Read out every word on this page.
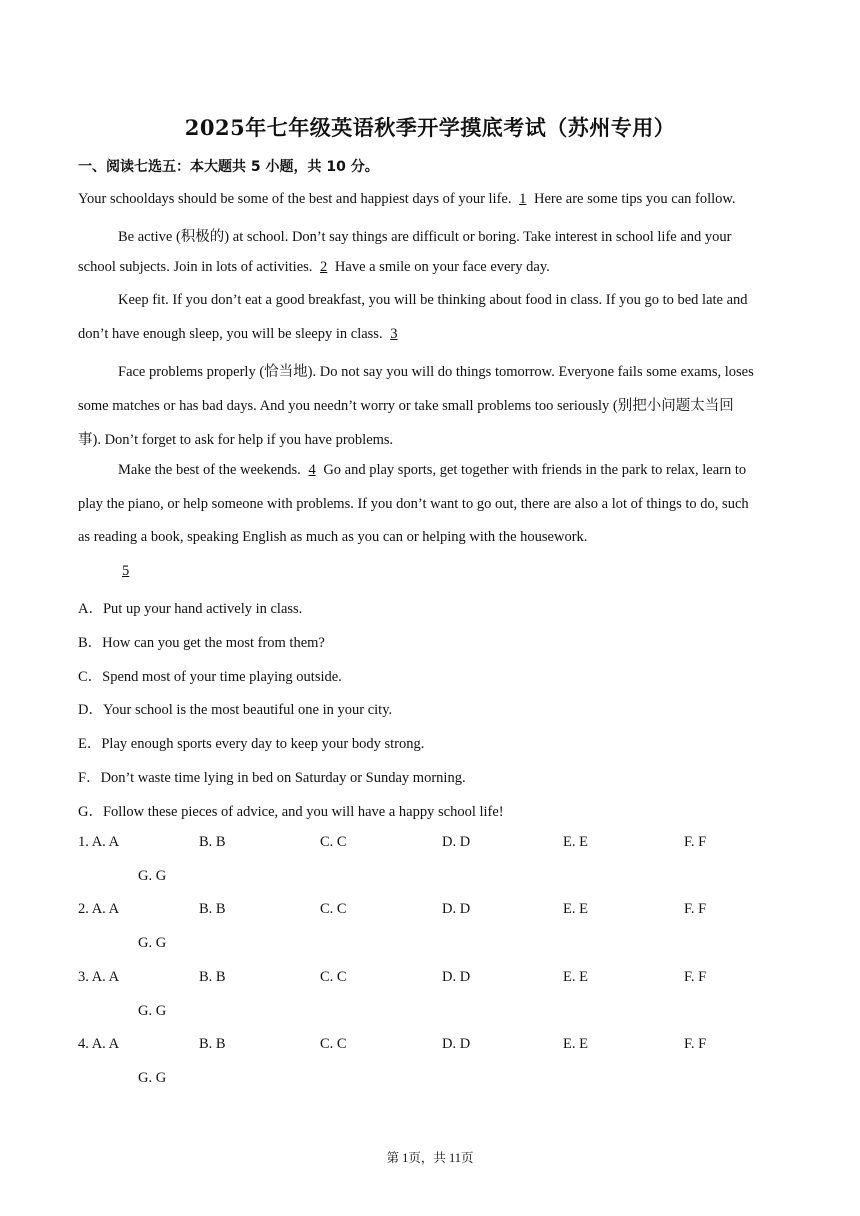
2025年七年级英语秋季开学摸底考试（苏州专用）
一、阅读七选五：本大题共 5 小题，共 10 分。
Your schooldays should be some of the best and happiest days of your life. 1 Here are some tips you can follow.
Be active (积极的) at school. Don’t say things are difficult or boring. Take interest in school life and your
school subjects. Join in lots of activities. 2 Have a smile on your face every day.
Keep fit. If you don’t eat a good breakfast, you will be thinking about food in class. If you go to bed late and
don’t have enough sleep, you will be sleepy in class. 3
Face problems properly (恰当地). Do not say you will do things tomorrow. Everyone fails some exams, loses
some matches or has bad days. And you needn’t worry or take small problems too seriously (别把小问题太当回
事). Don’t forget to ask for help if you have problems.
Make the best of the weekends. 4 Go and play sports, get together with friends in the park to relax, learn to
play the piano, or help someone with problems. If you don’t want to go out, there are also a lot of things to do, such
as reading a book, speaking English as much as you can or helping with the housework.
5
A．Put up your hand actively in class.
B．How can you get the most from them?
C．Spend most of your time playing outside.
D．Your school is the most beautiful one in your city.
E．Play enough sports every day to keep your body strong.
F．Don’t waste time lying in bed on Saturday or Sunday morning.
G．Follow these pieces of advice, and you will have a happy school life!
1. A. A	B. B	C. C	D. D	E. E	F. F
G. G
2. A. A	B. B	C. C	D. D	E. E	F. F
G. G
3. A. A	B. B	C. C	D. D	E. E	F. F
G. G
4. A. A	B. B	C. C	D. D	E. E	F. F
G. G
第 1页，共 11页
